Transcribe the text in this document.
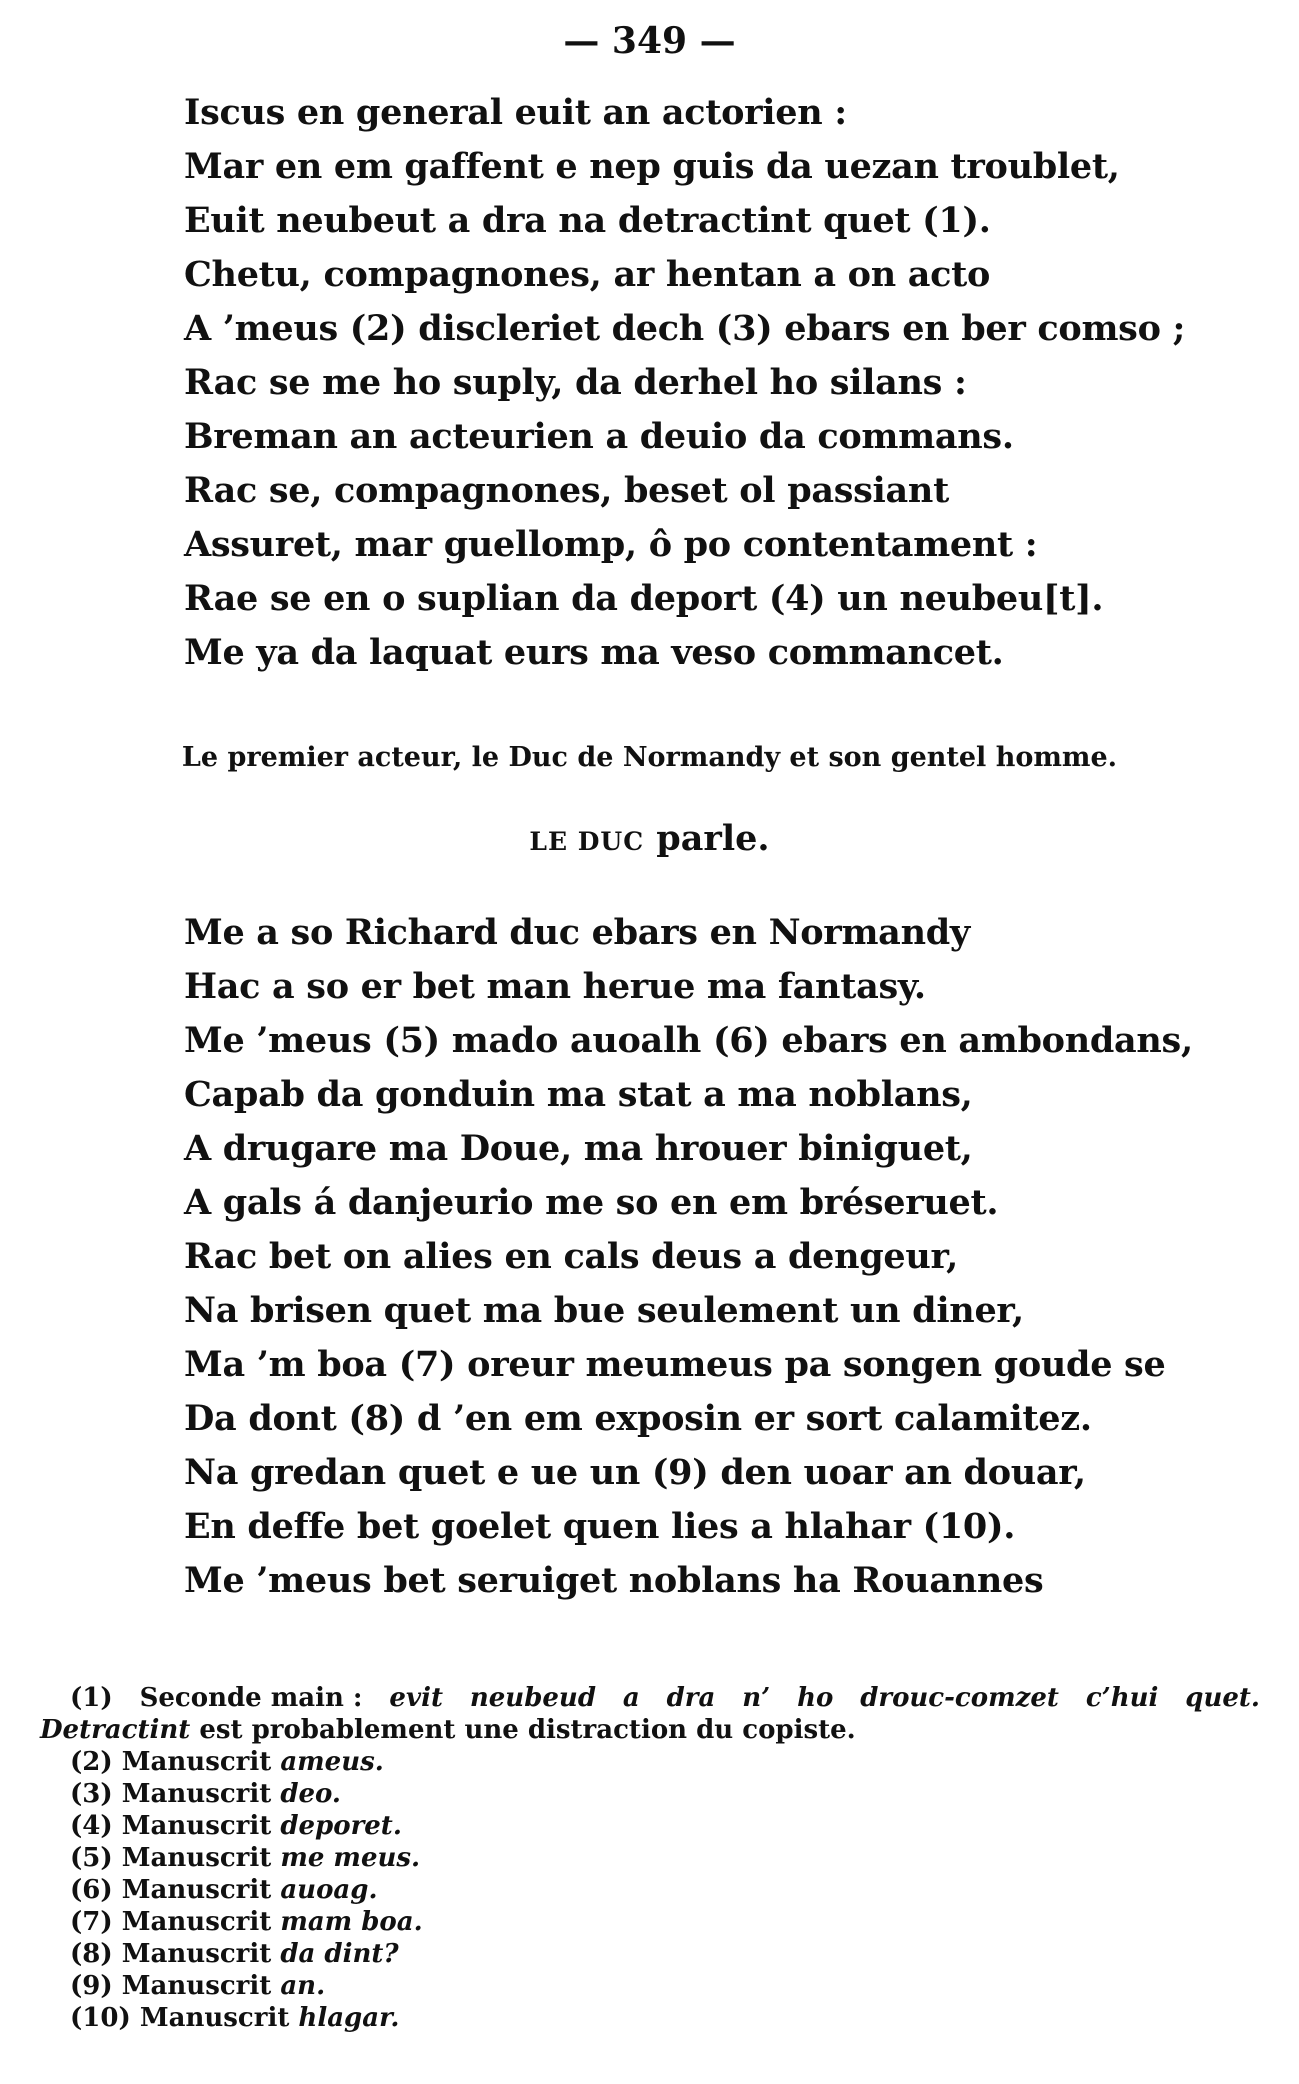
— 349 —
Iscus en general euit an actorien :
Mar en em gaffent e nep guis da uezan troublet,
Euit neubeut a dra na detractint quet (1).
Chetu, compagnones, ar hentan a on acto
A ’meus (2) discleriet dech (3) ebars en ber comso ;
Rac se me ho suply, da derhel ho silans :
Breman an acteurien a deuio da commans.
Rac se, compagnones, beset ol passiant
Assuret, mar guellomp, ô po contentament :
Rae se en o suplian da deport (4) un neubeu[t].
Me ya da laquat eurs ma veso commancet.
Le premier acteur, le Duc de Normandy et son gentel homme.
LE DUC parle.
Me a so Richard duc ebars en Normandy
Hac a so er bet man herue ma fantasy.
Me ’meus (5) mado auoalh (6) ebars en ambondans,
Capab da gonduin ma stat a ma noblans,
A drugare ma Doue, ma hrouer biniguet,
A gals á danjeurio me so en em bréseruet.
Rac bet on alies en cals deus a dengeur,
Na brisen quet ma bue seulement un diner,
Ma ’m boa (7) oreur meumeus pa songen goude se
Da dont (8) d ’en em exposin er sort calamitez.
Na gredan quet e ue un (9) den uoar an douar,
En deffe bet goelet quen lies a hlahar (10).
Me ’meus bet seruiget noblans ha Rouannes
(1) Seconde main : evit neubeud a dra n’ ho drouc-comzet c’hui quet.
Detractint est probablement une distraction du copiste.
(2) Manuscrit ameus.
(3) Manuscrit deo.
(4) Manuscrit deporet.
(5) Manuscrit me meus.
(6) Manuscrit auoag.
(7) Manuscrit mam boa.
(8) Manuscrit da dint?
(9) Manuscrit an.
(10) Manuscrit hlagar.
